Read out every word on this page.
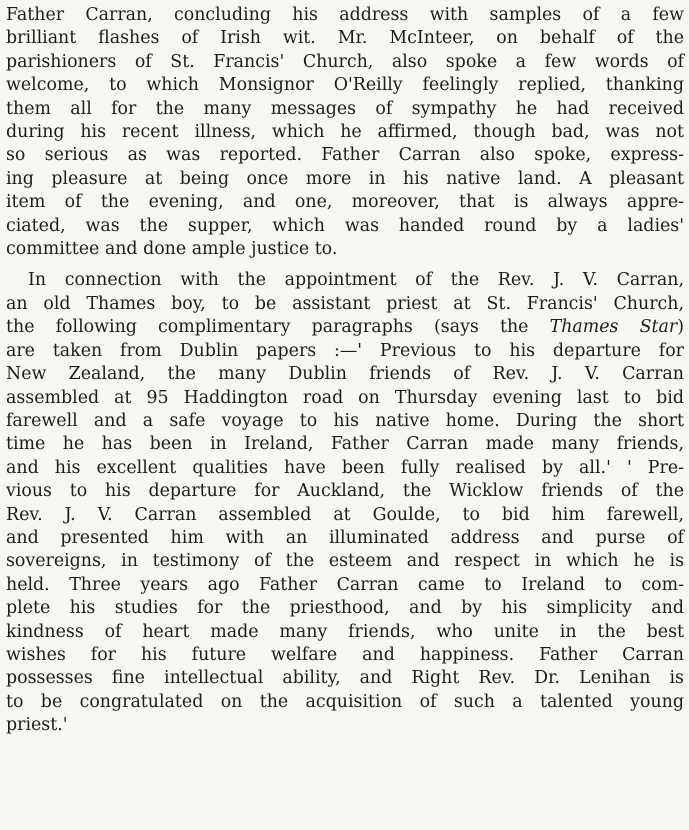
Father Carran, concluding his address with samples of a few
brilliant flashes of Irish wit. Mr. McInteer, on behalf of the
parishioners of St. Francis' Church, also spoke a few words of
welcome, to which Monsignor O'Reilly feelingly replied, thanking
them all for the many messages of sympathy he had received
during his recent illness, which he affirmed, though bad, was not
so serious as was reported. Father Carran also spoke, express-
ing pleasure at being once more in his native land. A pleasant
item of the evening, and one, moreover, that is always appre-
ciated, was the supper, which was handed round by a ladies'
committee and done ample justice to.

In connection with the appointment of the Rev. J. V. Carran,
an old Thames boy, to be assistant priest at St. Francis' Church,
the following complimentary paragraphs (says the Thames Star)
are taken from Dublin papers :—' Previous to his departure for
New Zealand, the many Dublin friends of Rev. J. V. Carran
assembled at 95 Haddington road on Thursday evening last to bid
farewell and a safe voyage to his native home. During the short
time he has been in Ireland, Father Carran made many friends,
and his excellent qualities have been fully realised by all.' ' Pre-
vious to his departure for Auckland, the Wicklow friends of the
Rev. J. V. Carran assembled at Goulde, to bid him farewell,
and presented him with an illuminated address and purse of
sovereigns, in testimony of the esteem and respect in which he is
held. Three years ago Father Carran came to Ireland to com-
plete his studies for the priesthood, and by his simplicity and
kindness of heart made many friends, who unite in the best
wishes for his future welfare and happiness. Father Carran
possesses fine intellectual ability, and Right Rev. Dr. Lenihan is
to be congratulated on the acquisition of such a talented young
priest.'
